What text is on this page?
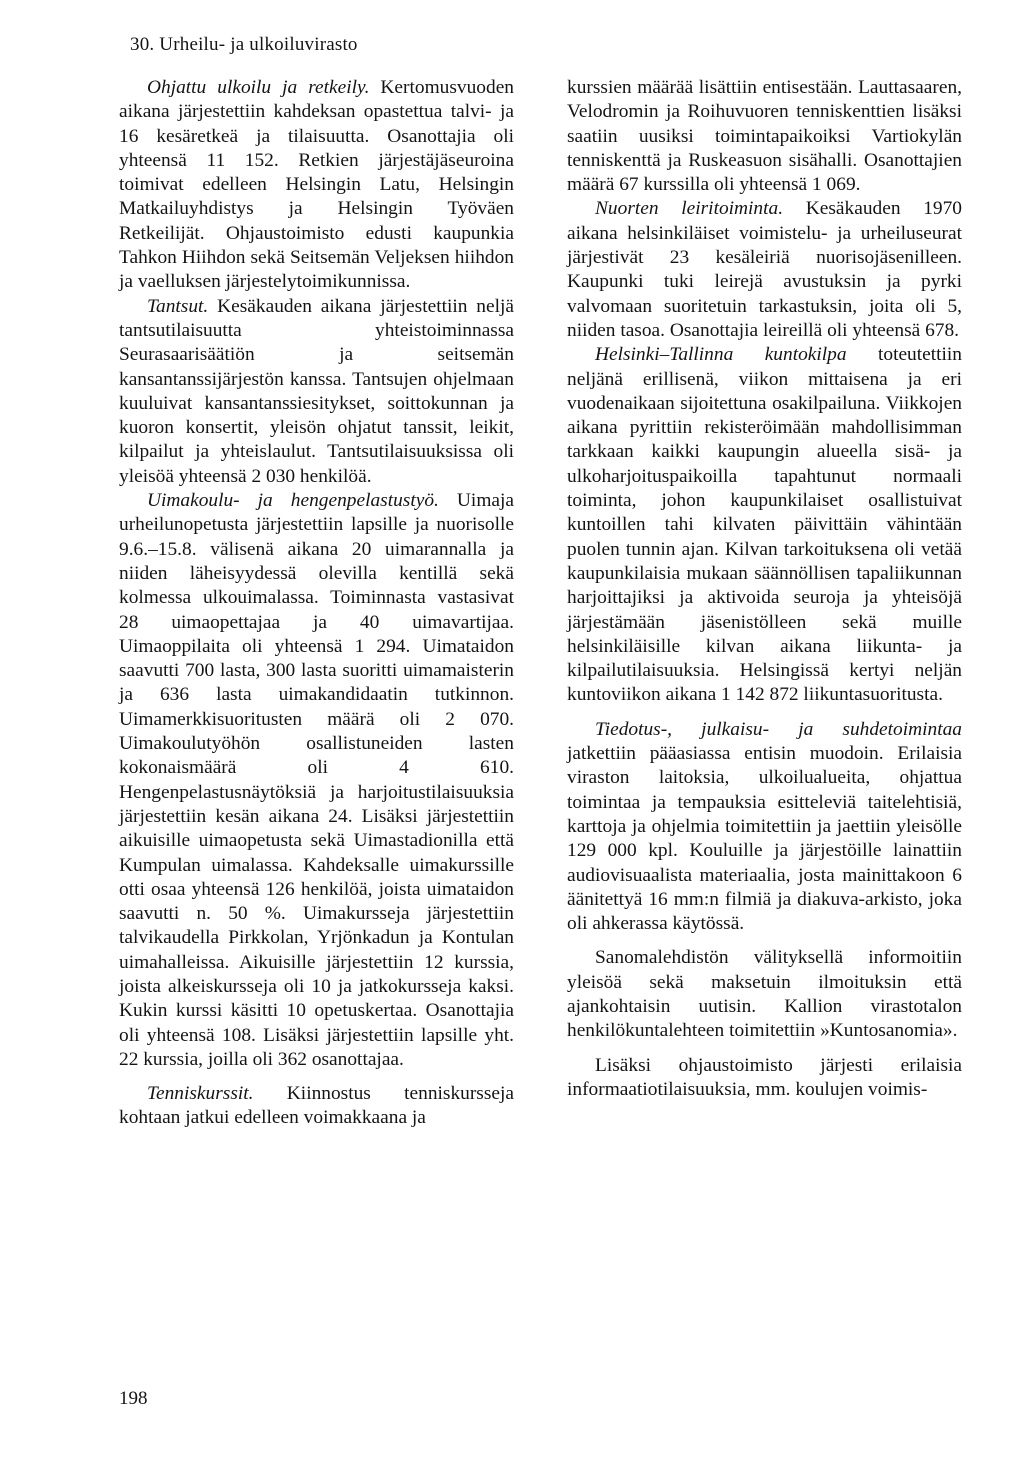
30. Urheilu- ja ulkoiluvirasto

Ohjattu ulkoilu ja retkeily. Kertomusvuoden aikana järjestettiin kahdeksan opastettua talvi- ja 16 kesäretkeä ja tilaisuutta. Osanottajia oli yhteensä 11 152. Retkien järjestäjäseuroina toimivat edelleen Helsingin Latu, Helsingin Matkailuyhdistys ja Helsingin Työväen Retkeilijät. Ohjaustoimisto edusti kaupunkia Tahkon Hiihdon sekä Seitsemän Veljeksen hiihdon ja vaelluksen järjestelytoimikunnissa.

Tantsut. Kesäkauden aikana järjestettiin neljä tantsutilaisuutta yhteistoiminnassa Seurasaarisäätiön ja seitsemän kansantanssijärjestön kanssa. Tantsujen ohjelmaan kuuluivat kansantanssiesitykset, soittokunnan ja kuoron konsertit, yleisön ohjatut tanssit, leikit, kilpailut ja yhteislaulut. Tantsutilaisuuksissa oli yleisöä yhteensä 2 030 henkilöä.

Uimakoulu- ja hengenpelastustyö. Uimaja urheilunopetusta järjestettiin lapsille ja nuorisolle 9.6.–15.8. välisenä aikana 20 uimarannalla ja niiden läheisyydessä olevilla kentillä sekä kolmessa ulkouimalassa. Toiminnasta vastasivat 28 uimaopettajaa ja 40 uimavartijaa. Uimaoppilaita oli yhteensä 1 294. Uimataidon saavutti 700 lasta, 300 lasta suoritti uimamaisterin ja 636 lasta uimakandidaatin tutkinnon. Uimamerkkisuoritusten määrä oli 2 070. Uimakoulutyöhön osallistuneiden lasten kokonaismäärä oli 4 610. Hengenpelastusnäytöksiä ja harjoitustilaisuuksia järjestettiin kesän aikana 24. Lisäksi järjestettiin aikuisille uimaopetusta sekä Uimastadionilla että Kumpulan uimalassa. Kahdeksalle uimakurssille otti osaa yhteensä 126 henkilöä, joista uimataidon saavutti n. 50 %. Uimakursseja järjestettiin talvikaudella Pirkkolan, Yrjönkadun ja Kontulan uimahalleissa. Aikuisille järjestettiin 12 kurssia, joista alkeiskursseja oli 10 ja jatkokursseja kaksi. Kukin kurssi käsitti 10 opetuskertaa. Osanottajia oli yhteensä 108. Lisäksi järjestettiin lapsille yht. 22 kurssia, joilla oli 362 osanottajaa.

Tenniskurssit. Kiinnostus tenniskursseja kohtaan jatkui edelleen voimakkaana ja

kurssien määrää lisättiin entisestään. Lauttasaaren, Velodromin ja Roihuvuoren tenniskenttien lisäksi saatiin uusiksi toimintapaikoiksi Vartiokylän tenniskenttä ja Ruskeasuon sisähalli. Osanottajien määrä 67 kurssilla oli yhteensä 1 069.

Nuorten leiritoiminta. Kesäkauden 1970 aikana helsinkiläiset voimistelu- ja urheiluseurat järjestivät 23 kesäleiriä nuorisojäsenilleen. Kaupunki tuki leirejä avustuksin ja pyrki valvomaan suoritetuin tarkastuksin, joita oli 5, niiden tasoa. Osanottajia leireillä oli yhteensä 678.

Helsinki–Tallinna kuntokilpa toteutettiin neljänä erillisenä, viikon mittaisena ja eri vuodenaikaan sijoitettuna osakilpailuna. Viikkojen aikana pyrittiin rekisteröimään mahdollisimman tarkkaan kaikki kaupungin alueella sisä- ja ulkoharjoituspaikoilla tapahtunut normaali toiminta, johon kaupunkilaiset osallistuivat kuntoillen tahi kilvaten päivittäin vähintään puolen tunnin ajan. Kilvan tarkoituksena oli vetää kaupunkilaisia mukaan säännöllisen tapaliikunnan harjoittajiksi ja aktivoida seuroja ja yhteisöjä järjestämään jäsenistölleen sekä muille helsinkiläisille kilvan aikana liikunta- ja kilpailutilaisuuksia. Helsingissä kertyi neljän kuntoviikon aikana 1 142 872 liikuntasuoritusta.

Tiedotus-, julkaisu- ja suhdetoimintaa jatkettiin pääasiassa entisin muodoin. Erilaisia viraston laitoksia, ulkoilualueita, ohjattua toimintaa ja tempauksia esitteleviä taitelehtisiä, karttoja ja ohjelmia toimitettiin ja jaettiin yleisölle 129 000 kpl. Kouluille ja järjestöille lainattiin audiovisuaalista materiaalia, josta mainittakoon 6 äänitettyä 16 mm:n filmiä ja diakuva-arkisto, joka oli ahkerassa käytössä.

Sanomalehdistön välityksellä informoitiin yleisöä sekä maksetuin ilmoituksin että ajankohtaisin uutisin. Kallion virastotalon henkilökuntalehteen toimitettiin »Kuntosanomia».

Lisäksi ohjaustoimisto järjesti erilaisia informaatiotilaisuuksia, mm. koulujen voimis-

198
